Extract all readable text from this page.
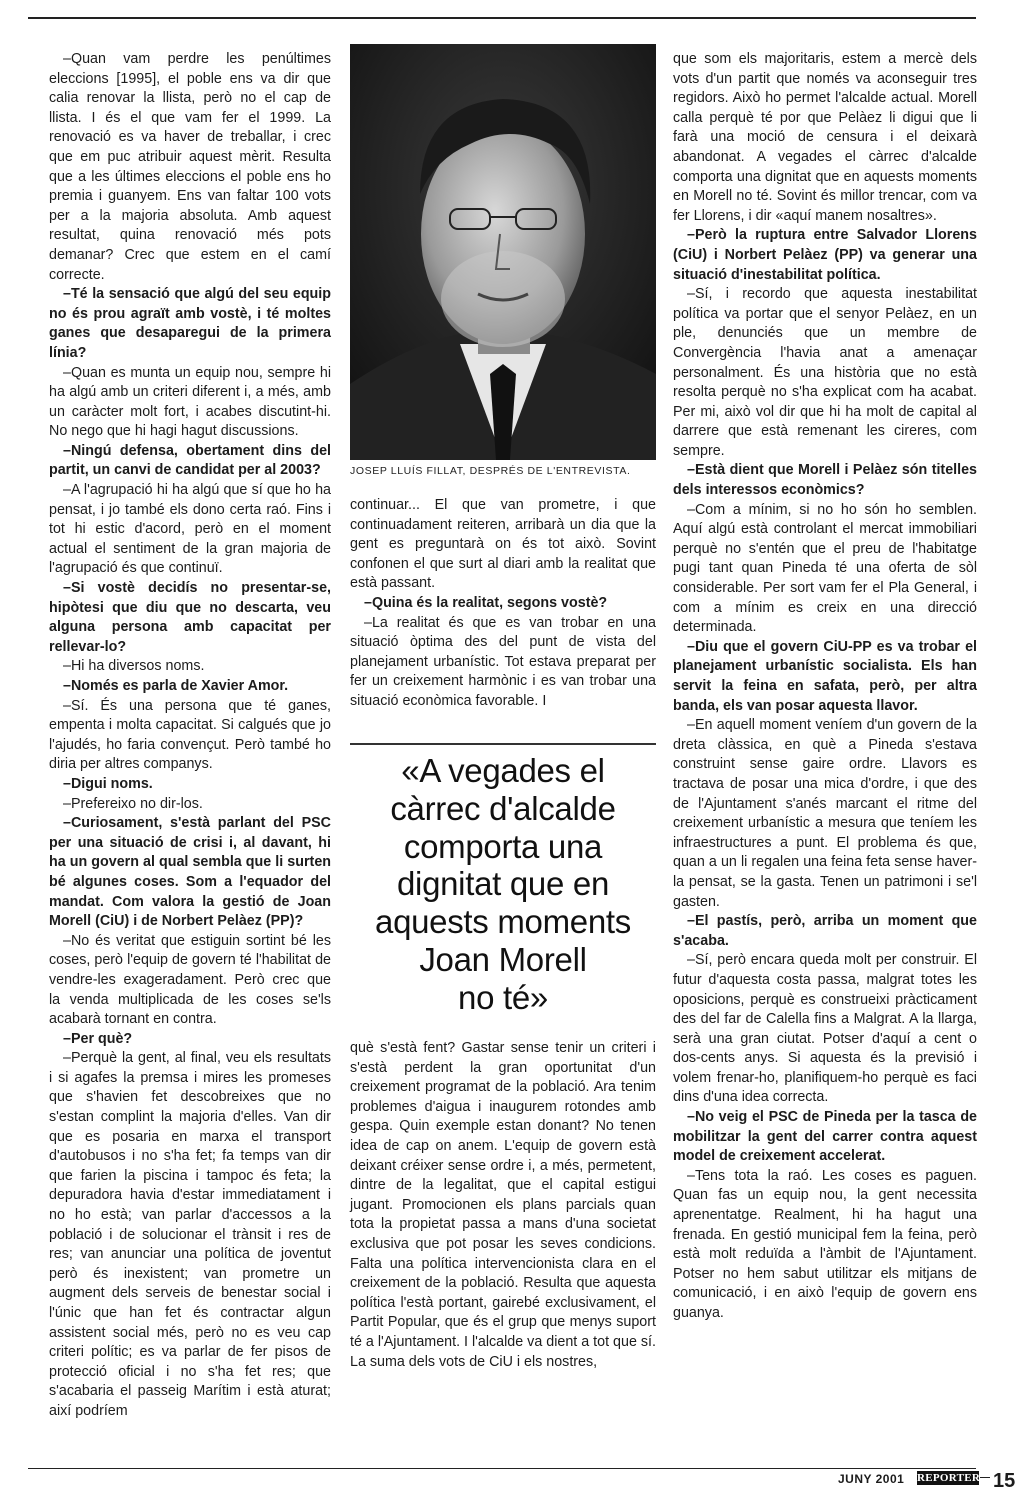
–Quan vam perdre les penúltimes eleccions [1995], el poble ens va dir que calia renovar la llista, però no el cap de llista. I és el que vam fer el 1999. La renovació es va haver de treballar, i crec que em puc atribuir aquest mèrit. Resulta que a les últimes eleccions el poble ens ho premia i guanyem. Ens van faltar 100 vots per a la majoria absoluta. Amb aquest resultat, quina renovació més pots demanar? Crec que estem en el camí correcte.

–Té la sensació que algú del seu equip no és prou agraït amb vostè, i té moltes ganes que desaparegui de la primera línia?

–Quan es munta un equip nou, sempre hi ha algú amb un criteri diferent i, a més, amb un caràcter molt fort, i acabes discutint-hi. No nego que hi hagi hagut discussions.

–Ningú defensa, obertament dins del partit, un canvi de candidat per al 2003?

–A l'agrupació hi ha algú que sí que ho ha pensat, i jo també els dono certa raó. Fins i tot hi estic d'acord, però en el moment actual el sentiment de la gran majoria de l'agrupació és que continuï.

–Si vostè decidís no presentar-se, hipòtesi que diu que no descarta, veu alguna persona amb capacitat per rellevar-lo?

–Hi ha diversos noms.

–Només es parla de Xavier Amor.

–Sí. És una persona que té ganes, empenta i molta capacitat. Si calgués que jo l'ajudés, ho faria convençut. Però també ho diria per altres companys.

–Digui noms.

–Prefereixo no dir-los.

–Curiosament, s'està parlant del PSC per una situació de crisi i, al davant, hi ha un govern al qual sembla que li surten bé algunes coses. Som a l'equador del mandat. Com valora la gestió de Joan Morell (CiU) i de Norbert Pelàez (PP)?

–No és veritat que estiguin sortint bé les coses, però l'equip de govern té l'habilitat de vendre-les exageradament. Però crec que la venda multiplicada de les coses se'ls acabarà tornant en contra.

–Per què?

–Perquè la gent, al final, veu els resultats i si agafes la premsa i mires les promeses que s'havien fet descobreixes que no s'estan complint la majoria d'elles. Van dir que es posaria en marxa el transport d'autobusos i no s'ha fet; fa temps van dir que farien la piscina i tampoc és feta; la depuradora havia d'estar immediatament i no ho està; van parlar d'accessos a la població i de solucionar el trànsit i res de res; van anunciar una política de joventut però és inexistent; van prometre un augment dels serveis de benestar social i l'únic que han fet és contractar algun assistent social més, però no es veu cap criteri polític; es va parlar de fer pisos de protecció oficial i no s'ha fet res; que s'acabaria el passeig Marítim i està aturat; així podríem

JOSEP LLUÍS FILLAT, DESPRÉS DE L'ENTREVISTA.

continuar... El que van prometre, i que continuadament reiteren, arribarà un dia que la gent es preguntarà on és tot això. Sovint confonen el que surt al diari amb la realitat que està passant.

–Quina és la realitat, segons vostè?

–La realitat és que es van trobar en una situació òptima des del punt de vista del planejament urbanístic. Tot estava preparat per fer un creixement harmònic i es van trobar una situació econòmica favorable. I

«A vegades el
càrrec d'alcalde
comporta una
dignitat que en
aquests moments
Joan Morell
no té»

què s'està fent? Gastar sense tenir un criteri i s'està perdent la gran oportunitat d'un creixement programat de la població. Ara tenim problemes d'aigua i inaugurem rotondes amb gespa. Quin exemple estan donant? No tenen idea de cap on anem. L'equip de govern està deixant créixer sense ordre i, a més, permetent, dintre de la legalitat, que el capital estigui jugant. Promocionen els plans parcials quan tota la propietat passa a mans d'una societat exclusiva que pot posar les seves condicions. Falta una política intervencionista clara en el creixement de la població. Resulta que aquesta política l'està portant, gairebé exclusivament, el Partit Popular, que és el grup que menys suport té a l'Ajuntament. I l'alcalde va dient a tot que sí. La suma dels vots de CiU i els nostres,

que som els majoritaris, estem a mercè dels vots d'un partit que només va aconseguir tres regidors. Això ho permet l'alcalde actual. Morell calla perquè té por que Pelàez li digui que li farà una moció de censura i el deixarà abandonat. A vegades el càrrec d'alcalde comporta una dignitat que en aquests moments en Morell no té. Sovint és millor trencar, com va fer Llorens, i dir «aquí manem nosaltres».

–Però la ruptura entre Salvador Llorens (CiU) i Norbert Pelàez (PP) va generar una situació d'inestabilitat política.

–Sí, i recordo que aquesta inestabilitat política va portar que el senyor Pelàez, en un ple, denunciés que un membre de Convergència l'havia anat a amenaçar personalment. És una història que no està resolta perquè no s'ha explicat com ha acabat. Per mi, això vol dir que hi ha molt de capital al darrere que està remenant les cireres, com sempre.

–Està dient que Morell i Pelàez són titelles dels interessos econòmics?

–Com a mínim, si no ho són ho semblen. Aquí algú està controlant el mercat immobiliari perquè no s'entén que el preu de l'habitatge pugi tant quan Pineda té una oferta de sòl considerable. Per sort vam fer el Pla General, i com a mínim es creix en una direcció determinada.

–Diu que el govern CiU-PP es va trobar el planejament urbanístic socialista. Els han servit la feina en safata, però, per altra banda, els van posar aquesta llavor.

–En aquell moment veníem d'un govern de la dreta clàssica, en què a Pineda s'estava construint sense gaire ordre. Llavors es tractava de posar una mica d'ordre, i que des de l'Ajuntament s'anés marcant el ritme del creixement urbanístic a mesura que teníem les infraestructures a punt. El problema és que, quan a un li regalen una feina feta sense haver-la pensat, se la gasta. Tenen un patrimoni i se'l gasten.

–El pastís, però, arriba un moment que s'acaba.

–Sí, però encara queda molt per construir. El futur d'aquesta costa passa, malgrat totes les oposicions, perquè es construeixi pràcticament des del far de Calella fins a Malgrat. A la llarga, serà una gran ciutat. Potser d'aquí a cent o dos-cents anys. Si aquesta és la previsió i volem frenar-ho, planifiquem-ho perquè es faci dins d'una idea correcta.

–No veig el PSC de Pineda per la tasca de mobilitzar la gent del carrer contra aquest model de creixement accelerat.

–Tens tota la raó. Les coses es paguen. Quan fas un equip nou, la gent necessita aprenentatge. Realment, hi ha hagut una frenada. En gestió municipal fem la feina, però està molt reduïda a l'àmbit de l'Ajuntament. Potser no hem sabut utilitzar els mitjans de comunicació, i en això l'equip de govern ens guanya.

JUNY 2001 REPORTER 15
